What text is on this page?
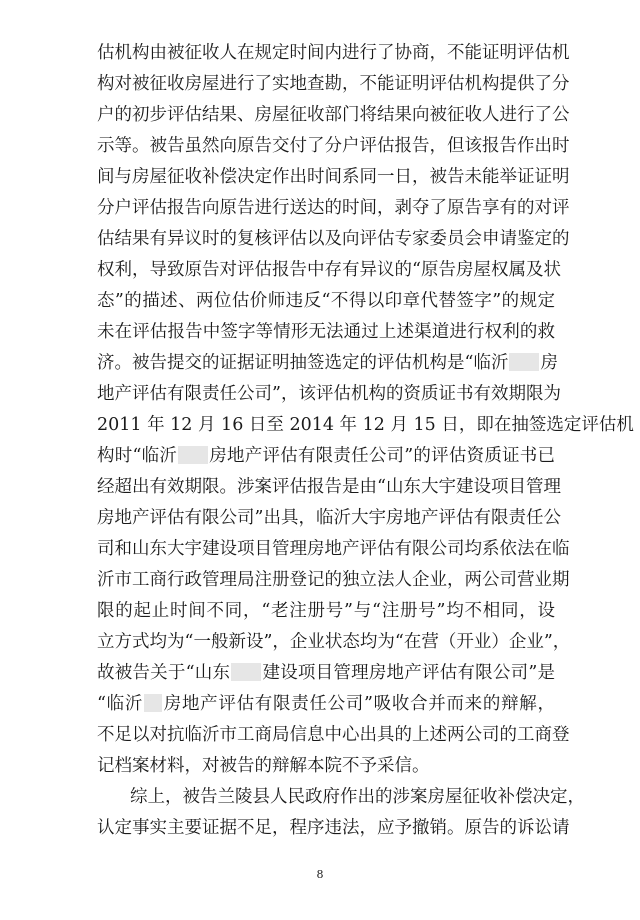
估机构由被征收人在规定时间内进行了协商，不能证明评估机
构对被征收房屋进行了实地查勘，不能证明评估机构提供了分
户的初步评估结果、房屋征收部门将结果向被征收人进行了公
示等。被告虽然向原告交付了分户评估报告，但该报告作出时
间与房屋征收补偿决定作出时间系同一日，被告未能举证证明
分户评估报告向原告进行送达的时间，剥夺了原告享有的对评
估结果有异议时的复核评估以及向评估专家委员会申请鉴定的
权利，导致原告对评估报告中存有异议的“原告房屋权属及状
态”的描述、两位估价师违反“不得以印章代替签字”的规定
未在评估报告中签字等情形无法通过上述渠道进行权利的救
济。被告提交的证据证明抽签选定的评估机构是“临沂 房
地产评估有限责任公司”，该评估机构的资质证书有效期限为
2011 年 12 月 16 日至 2014 年 12 月 15 日，即在抽签选定评估机
构时“临沂 房地产评估有限责任公司”的评估资质证书已
经超出有效期限。涉案评估报告是由“山东大宇建设项目管理
房地产评估有限公司”出具，临沂大宇房地产评估有限责任公
司和山东大宇建设项目管理房地产评估有限公司均系依法在临
沂市工商行政管理局注册登记的独立法人企业，两公司营业期
限的起止时间不同，“老注册号”与“注册号”均不相同，设
立方式均为“一般新设”，企业状态均为“在营（开业）企业”，
故被告关于“山东 建设项目管理房地产评估有限公司”是
“临沂 房地产评估有限责任公司”吸收合并而来的辩解，
不足以对抗临沂市工商局信息中心出具的上述两公司的工商登
记档案材料，对被告的辩解本院不予采信。
综上，被告兰陵县人民政府作出的涉案房屋征收补偿决定，
认定事实主要证据不足，程序违法，应予撤销。原告的诉讼请
8
